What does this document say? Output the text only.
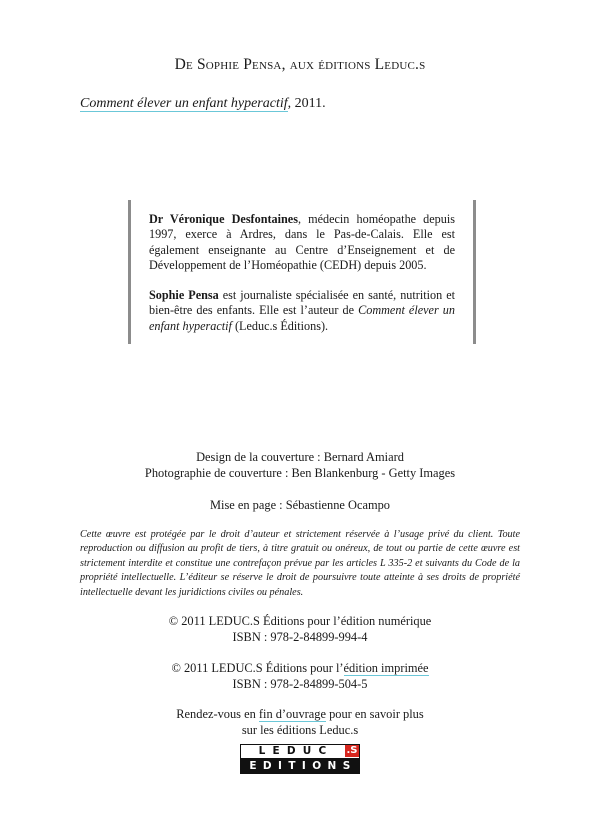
De Sophie Pensa, aux éditions Leduc.s
Comment élever un enfant hyperactif, 2011.

Dr Véronique Desfontaines, médecin homéopathe depuis 1997, exerce à Ardres, dans le Pas-de-Calais. Elle est également enseignante au Centre d’Enseignement et de Développement de l’Homéopathie (CEDH) depuis 2005.

Sophie Pensa est journaliste spécialisée en santé, nutrition et bien-être des enfants. Elle est l’auteur de Comment élever un enfant hyperactif (Leduc.s Éditions).

Design de la couverture : Bernard Amiard
Photographie de couverture : Ben Blankenburg - Getty Images
Mise en page : Sébastienne Ocampo

Cette œuvre est protégée par le droit d’auteur et strictement réservée à l’usage privé du client. Toute reproduction ou diffusion au profit de tiers, à titre gratuit ou onéreux, de tout ou partie de cette œuvre est strictement interdite et constitue une contrefaçon prévue par les articles L 335-2 et suivants du Code de la propriété intellectuelle. L’éditeur se réserve le droit de poursuivre toute atteinte à ses droits de propriété intellectuelle devant les juridictions civiles ou pénales.

© 2011 LEDUC.S Éditions pour l’édition numérique
ISBN : 978-2-84899-994-4
© 2011 LEDUC.S Éditions pour l’édition imprimée
ISBN : 978-2-84899-504-5
Rendez-vous en fin d’ouvrage pour en savoir plus
sur les éditions Leduc.s
LEDUC	.S
EDITIONS
